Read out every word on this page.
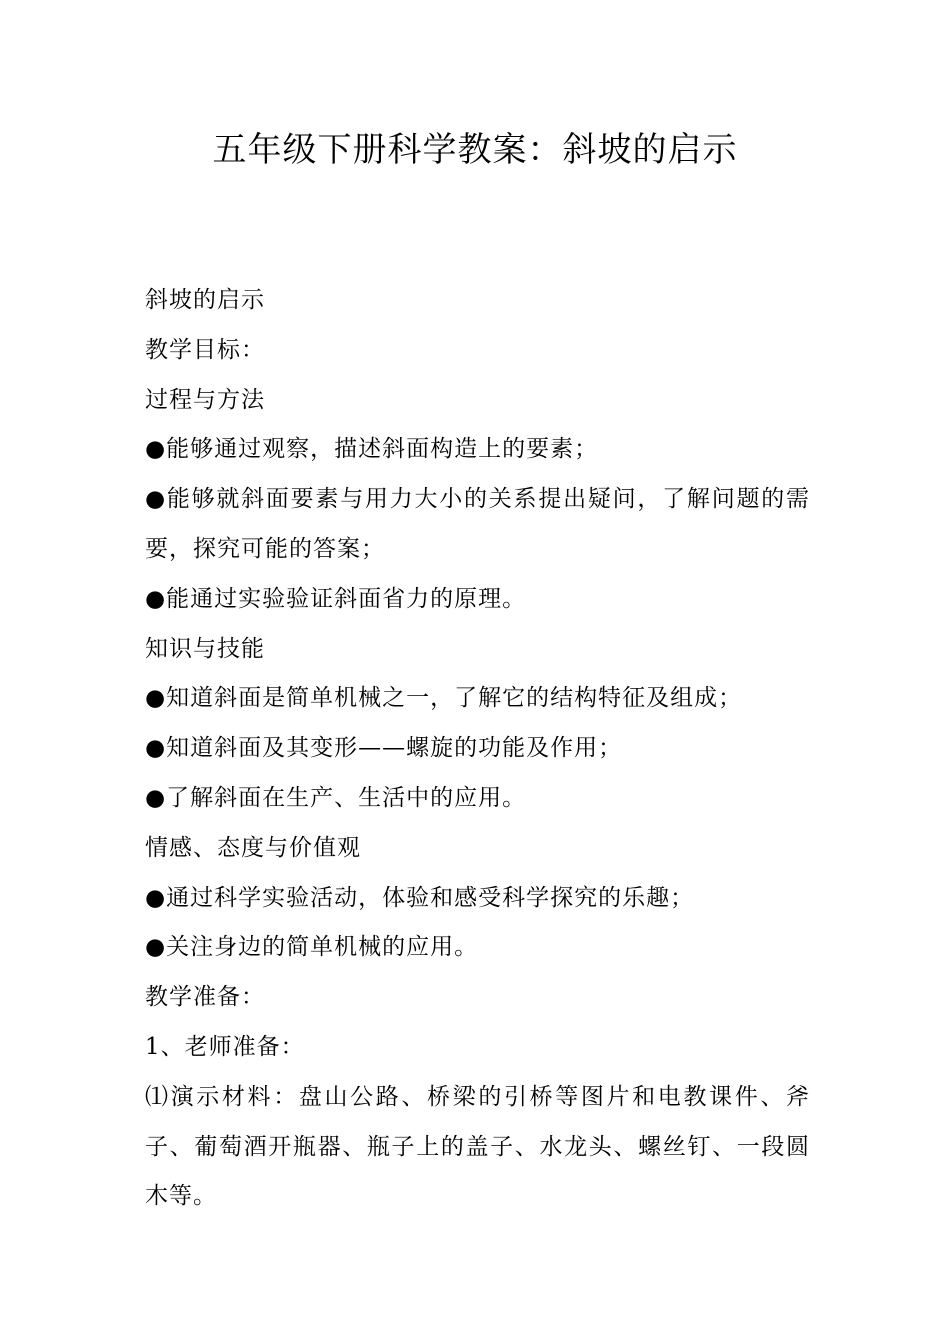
五年级下册科学教案：斜坡的启示
斜坡的启示
教学目标：
过程与方法
●能够通过观察，描述斜面构造上的要素；
●能够就斜面要素与用力大小的关系提出疑问，了解问题的需要，探究可能的答案；
●能通过实验验证斜面省力的原理。
知识与技能
●知道斜面是简单机械之一，了解它的结构特征及组成；
●知道斜面及其变形——螺旋的功能及作用；
●了解斜面在生产、生活中的应用。
情感、态度与价值观
●通过科学实验活动，体验和感受科学探究的乐趣；
●关注身边的简单机械的应用。
教学准备：
1、老师准备：
⑴演示材料：盘山公路、桥梁的引桥等图片和电教课件、斧子、葡萄酒开瓶器、瓶子上的盖子、水龙头、螺丝钉、一段圆木等。
